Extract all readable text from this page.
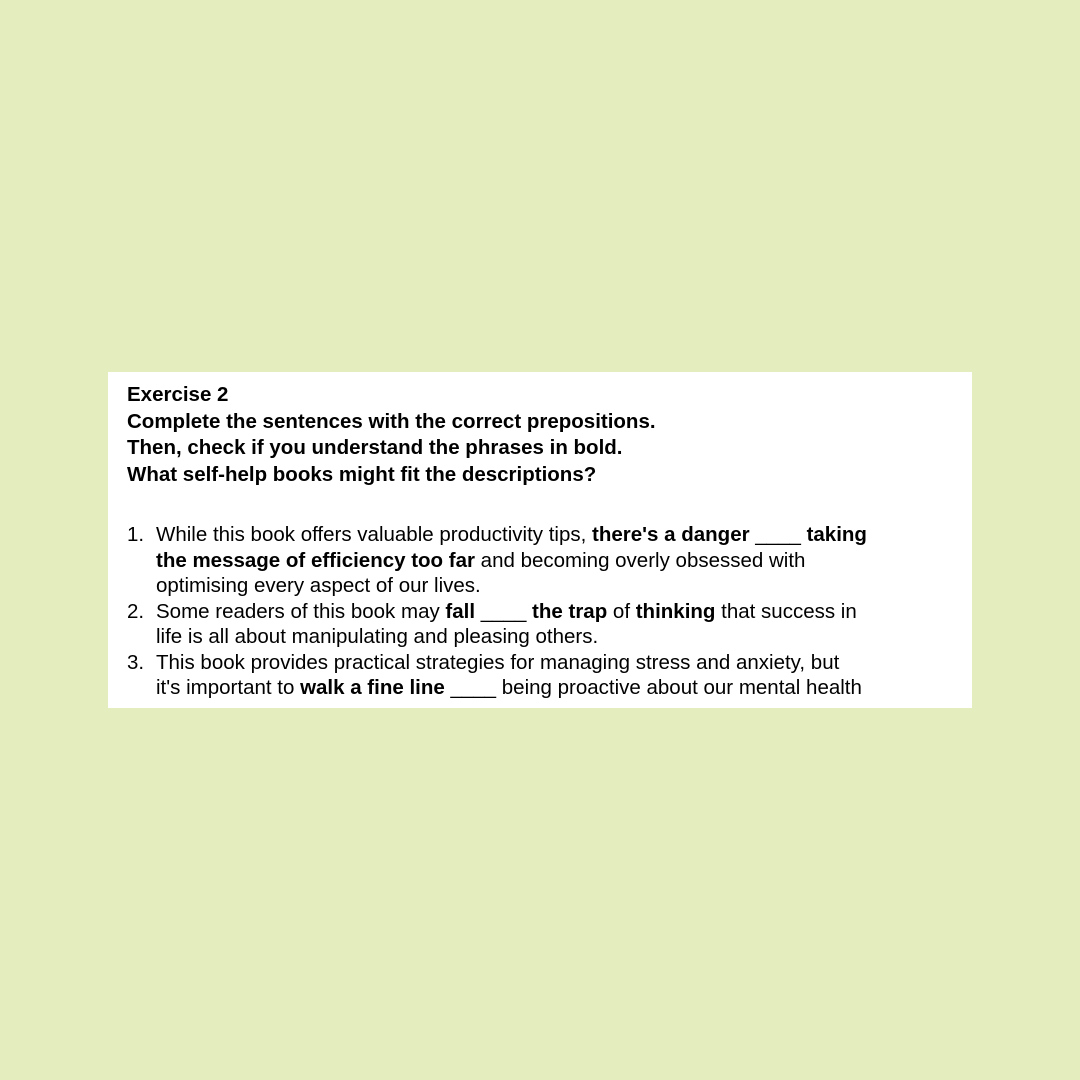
Exercise 2
Complete the sentences with the correct prepositions.
Then, check if you understand the phrases in bold.
What self-help books might fit the descriptions?
1. While this book offers valuable productivity tips, there's a danger ____ taking
the message of efficiency too far and becoming overly obsessed with
optimising every aspect of our lives.
2. Some readers of this book may fall ____ the trap of thinking that success in
life is all about manipulating and pleasing others.
3. This book provides practical strategies for managing stress and anxiety, but
it's important to walk a fine line ____ being proactive about our mental health
